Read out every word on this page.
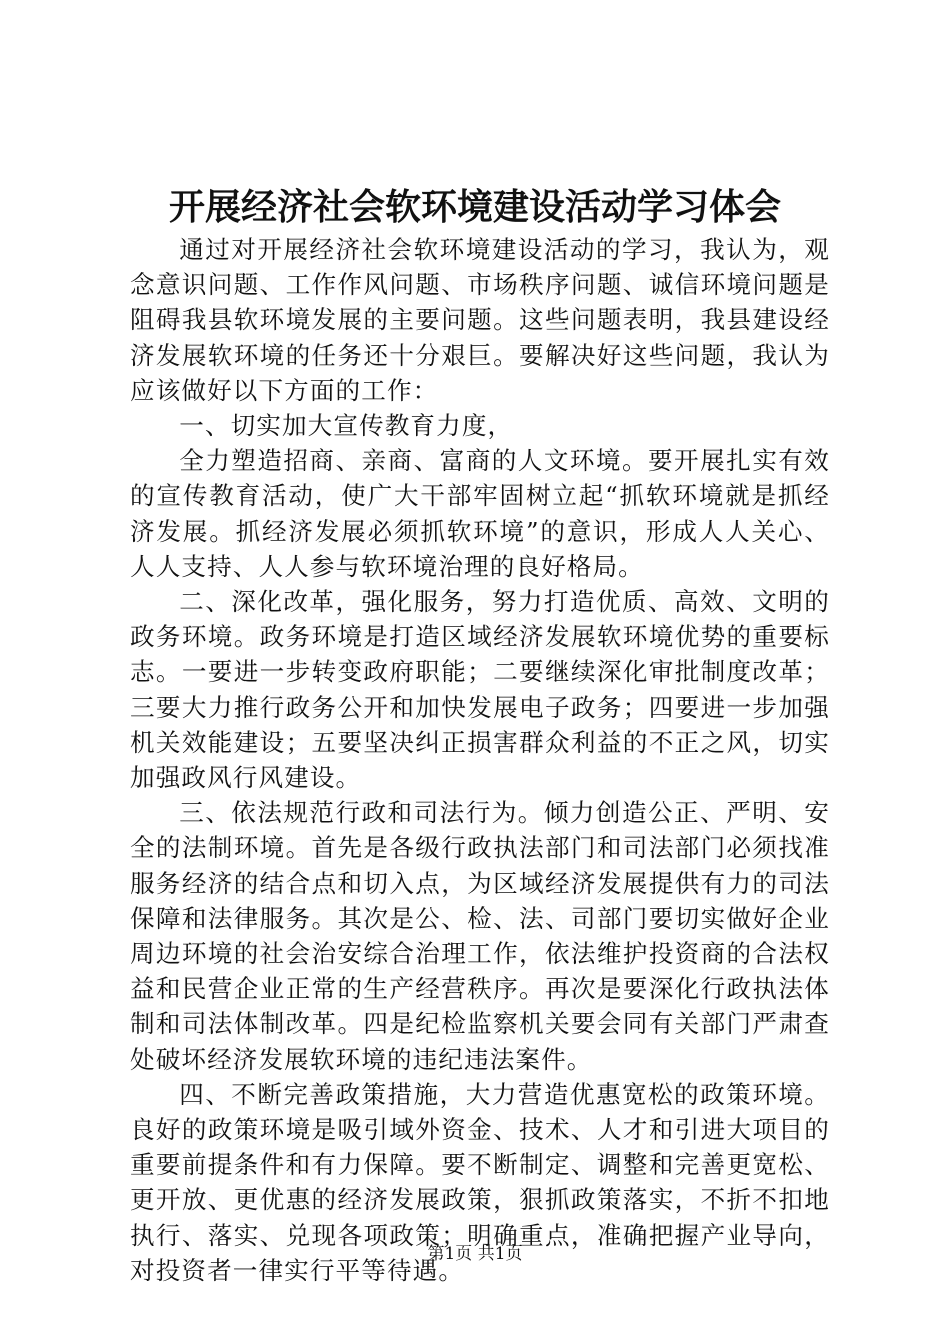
开展经济社会软环境建设活动学习体会

通过对开展经济社会软环境建设活动的学习，我认为，观念意识问题、工作作风问题、市场秩序问题、诚信环境问题是阻碍我县软环境发展的主要问题。这些问题表明，我县建设经济发展软环境的任务还十分艰巨。要解决好这些问题，我认为应该做好以下方面的工作：

一、切实加大宣传教育力度，

全力塑造招商、亲商、富商的人文环境。要开展扎实有效的宣传教育活动，使广大干部牢固树立起“抓软环境就是抓经济发展。抓经济发展必须抓软环境”的意识，形成人人关心、人人支持、人人参与软环境治理的良好格局。

二、深化改革，强化服务，努力打造优质、高效、文明的政务环境。政务环境是打造区域经济发展软环境优势的重要标志。一要进一步转变政府职能；二要继续深化审批制度改革；三要大力推行政务公开和加快发展电子政务；四要进一步加强机关效能建设；五要坚决纠正损害群众利益的不正之风，切实加强政风行风建设。

三、依法规范行政和司法行为。倾力创造公正、严明、安全的法制环境。首先是各级行政执法部门和司法部门必须找准服务经济的结合点和切入点，为区域经济发展提供有力的司法保障和法律服务。其次是公、检、法、司部门要切实做好企业周边环境的社会治安综合治理工作，依法维护投资商的合法权益和民营企业正常的生产经营秩序。再次是要深化行政执法体制和司法体制改革。四是纪检监察机关要会同有关部门严肃查处破坏经济发展软环境的违纪违法案件。

四、不断完善政策措施，大力营造优惠宽松的政策环境。良好的政策环境是吸引域外资金、技术、人才和引进大项目的重要前提条件和有力保障。要不断制定、调整和完善更宽松、更开放、更优惠的经济发展政策，狠抓政策落实，不折不扣地执行、落实、兑现各项政策；明确重点，准确把握产业导向，对投资者一律实行平等待遇。

第1页 共1页
